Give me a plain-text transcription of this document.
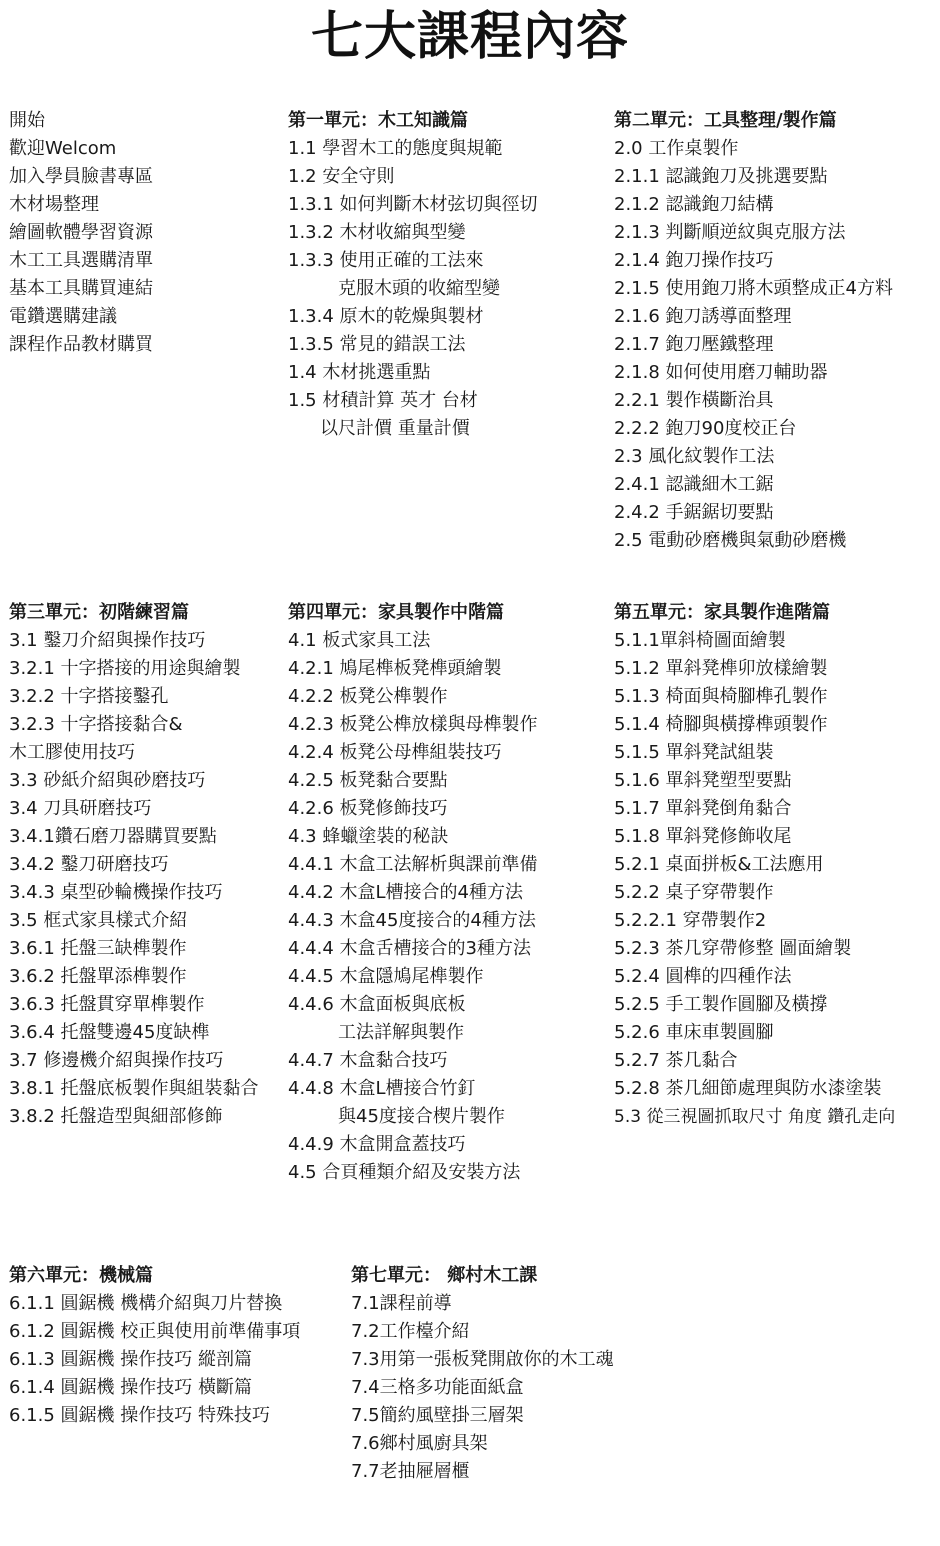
七大課程內容
開始
歡迎Welcom
加入學員臉書專區
木材場整理
繪圖軟體學習資源
木工工具選購清單
基本工具購買連結
電鑽選購建議
課程作品教材購買
第一單元：木工知識篇
1.1 學習木工的態度與規範
1.2 安全守則
1.3.1 如何判斷木材弦切與徑切
1.3.2 木材收縮與型變
1.3.3 使用正確的工法來
克服木頭的收縮型變
1.3.4 原木的乾燥與製材
1.3.5 常見的錯誤工法
1.4 木材挑選重點
1.5 材積計算 英才 台材
以尺計價 重量計價
第二單元：工具整理/製作篇
2.0 工作桌製作
2.1.1 認識鉋刀及挑選要點
2.1.2 認識鉋刀結構
2.1.3 判斷順逆紋與克服方法
2.1.4 鉋刀操作技巧
2.1.5 使用鉋刀將木頭整成正4方料
2.1.6 鉋刀誘導面整理
2.1.7 鉋刀壓鐵整理
2.1.8 如何使用磨刀輔助器
2.2.1 製作橫斷治具
2.2.2 鉋刀90度校正台
2.3 風化紋製作工法
2.4.1 認識細木工鋸
2.4.2 手鋸鋸切要點
2.5 電動砂磨機與氣動砂磨機
第三單元：初階練習篇
3.1 鑿刀介紹與操作技巧
3.2.1 十字搭接的用途與繪製
3.2.2 十字搭接鑿孔
3.2.3 十字搭接黏合&
木工膠使用技巧
3.3 砂紙介紹與砂磨技巧
3.4 刀具研磨技巧
3.4.1鑽石磨刀器購買要點
3.4.2 鑿刀研磨技巧
3.4.3 桌型砂輪機操作技巧
3.5 框式家具樣式介紹
3.6.1 托盤三缺榫製作
3.6.2 托盤單添榫製作
3.6.3 托盤貫穿單榫製作
3.6.4 托盤雙邊45度缺榫
3.7 修邊機介紹與操作技巧
3.8.1 托盤底板製作與組裝黏合
3.8.2 托盤造型與細部修飾
第四單元：家具製作中階篇
4.1 板式家具工法
4.2.1 鳩尾榫板凳榫頭繪製
4.2.2 板凳公榫製作
4.2.3 板凳公榫放樣與母榫製作
4.2.4 板凳公母榫組裝技巧
4.2.5 板凳黏合要點
4.2.6 板凳修飾技巧
4.3 蜂蠟塗裝的秘訣
4.4.1 木盒工法解析與課前準備
4.4.2 木盒L槽接合的4種方法
4.4.3 木盒45度接合的4種方法
4.4.4 木盒舌槽接合的3種方法
4.4.5 木盒隱鳩尾榫製作
4.4.6 木盒面板與底板
工法詳解與製作
4.4.7 木盒黏合技巧
4.4.8 木盒L槽接合竹釘
與45度接合楔片製作
4.4.9 木盒開盒蓋技巧
4.5 合頁種類介紹及安裝方法
第五單元：家具製作進階篇
5.1.1單斜椅圖面繪製
5.1.2 單斜凳榫卯放樣繪製
5.1.3 椅面與椅腳榫孔製作
5.1.4 椅腳與橫撐榫頭製作
5.1.5 單斜凳試組裝
5.1.6 單斜凳塑型要點
5.1.7 單斜凳倒角黏合
5.1.8 單斜凳修飾收尾
5.2.1 桌面拼板&工法應用
5.2.2 桌子穿帶製作
5.2.2.1 穿帶製作2
5.2.3 茶几穿帶修整 圖面繪製
5.2.4 圓榫的四種作法
5.2.5 手工製作圓腳及橫撐
5.2.6 車床車製圓腳
5.2.7 茶几黏合
5.2.8 茶几細節處理與防水漆塗裝
5.3 從三視圖抓取尺寸 角度 鑽孔走向
第六單元：機械篇
6.1.1 圓鋸機 機構介紹與刀片替換
6.1.2 圓鋸機 校正與使用前準備事項
6.1.3 圓鋸機 操作技巧 縱剖篇
6.1.4 圓鋸機 操作技巧 橫斷篇
6.1.5 圓鋸機 操作技巧 特殊技巧
第七單元： 鄉村木工課
7.1課程前導
7.2工作檯介紹
7.3用第一張板凳開啟你的木工魂
7.4三格多功能面紙盒
7.5簡約風壁掛三層架
7.6鄉村風廚具架
7.7老抽屜層櫃
